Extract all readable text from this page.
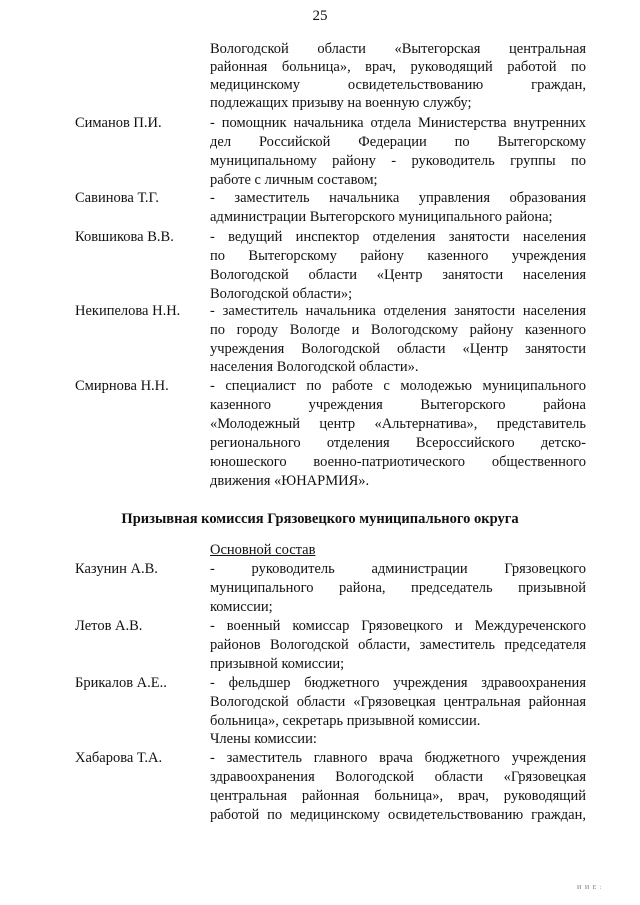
25
Вологодской области «Вытегорская центральная
районная больница», врач, руководящий работой по
медицинскому освидетельствованию граждан,
подлежащих призыву на военную службу;
Симанов П.И.	- помощник начальника отдела Министерства внутренних
дел Российской Федерации по Вытегорскому
муниципальному району - руководитель группы по
работе с личным составом;
Савинова Т.Г.	- заместитель начальника управления образования
администрации Вытегорского муниципального района;
Ковшикова В.В. - ведущий инспектор отделения занятости населения
по Вытегорскому району казенного учреждения
Вологодской области «Центр занятости населения
Вологодской области»;
Некипелова Н.Н. - заместитель начальника отделения занятости населения
по городу Вологде и Вологодскому району казенного
учреждения Вологодской области «Центр занятости
населения Вологодской области».
Смирнова Н.Н.	- специалист по работе с молодежью муниципального
казенного учреждения Вытегорского района
«Молодежный центр «Альтернатива», представитель
регионального отделения Всероссийского детско-
юношеского военно-патриотического общественного
движения «ЮНАРМИЯ».
Призывная комиссия Грязовецкого муниципального округа
Основной состав
Казунин А.В.	- руководитель администрации Грязовецкого
муниципального района, председатель призывной
комиссии;
Летов А.В.	- военный комиссар Грязовецкого и Междуреченского
районов Вологодской области, заместитель председателя
призывной комиссии;
Брикалов А.Е..	- фельдшер бюджетного учреждения здравоохранения
Вологодской области «Грязовецкая центральная районная
больница», секретарь призывной комиссии.
Члены комиссии:
Хабарова Т.А.	- заместитель главного врача бюджетного учреждения
здравоохранения Вологодской области «Грязовецкая
центральная районная больница», врач, руководящий
работой по медицинскому освидетельствованию граждан,
И И Е :
